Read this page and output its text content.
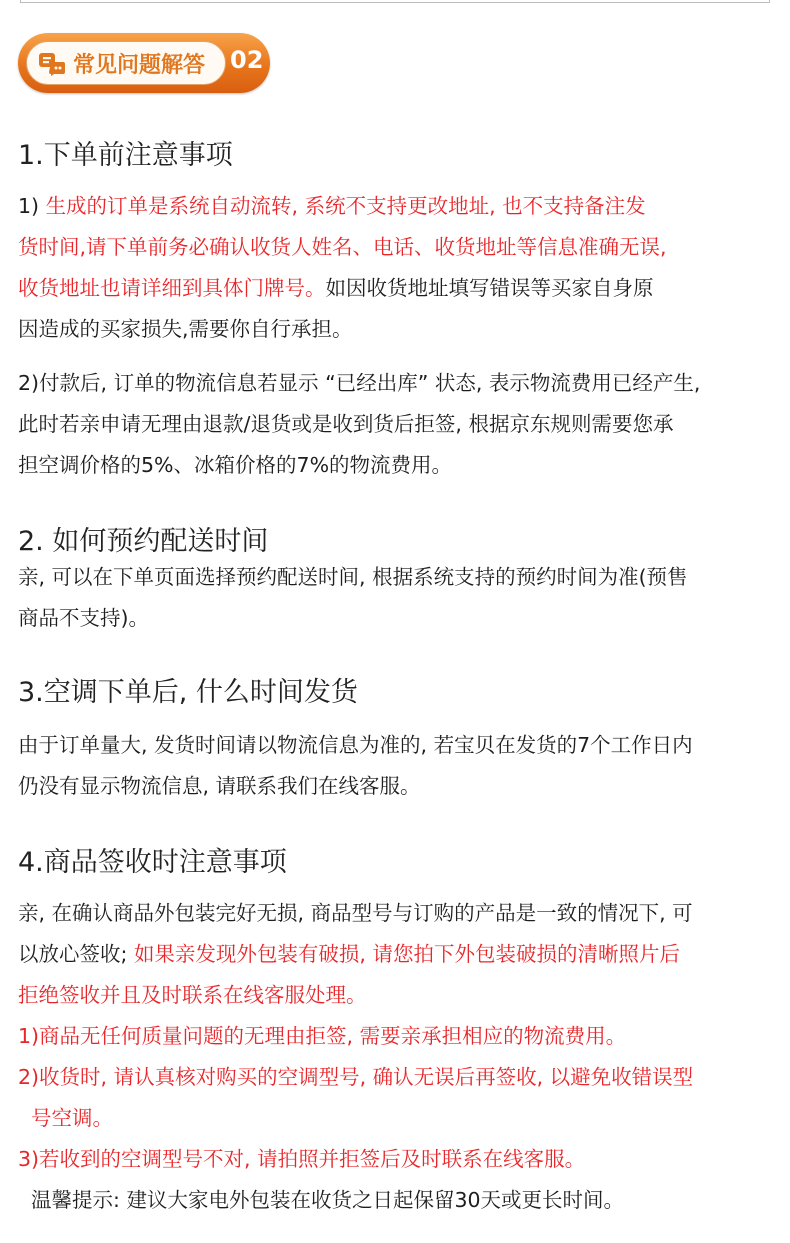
常见问题解答 02
1.下单前注意事项
1) 生成的订单是系统自动流转, 系统不支持更改地址, 也不支持备注发
货时间,请下单前务必确认收货人姓名、电话、收货地址等信息准确无误,
收货地址也请详细到具体门牌号。如因收货地址填写错误等买家自身原
因造成的买家损失,需要你自行承担。
2)付款后, 订单的物流信息若显示 “已经出库” 状态, 表示物流费用已经产生,
此时若亲申请无理由退款/退货或是收到货后拒签, 根据京东规则需要您承
担空调价格的5%、冰箱价格的7%的物流费用。
2. 如何预约配送时间
亲, 可以在下单页面选择预约配送时间, 根据系统支持的预约时间为准(预售
商品不支持)。
3.空调下单后, 什么时间发货
由于订单量大, 发货时间请以物流信息为准的, 若宝贝在发货的7个工作日内
仍没有显示物流信息, 请联系我们在线客服。
4.商品签收时注意事项
亲, 在确认商品外包装完好无损, 商品型号与订购的产品是一致的情况下, 可
以放心签收; 如果亲发现外包装有破损, 请您拍下外包装破损的清晰照片后
拒绝签收并且及时联系在线客服处理。
1)商品无任何质量问题的无理由拒签, 需要亲承担相应的物流费用。
2)收货时, 请认真核对购买的空调型号, 确认无误后再签收, 以避免收错误型
号空调。
3)若收到的空调型号不对, 请拍照并拒签后及时联系在线客服。
温馨提示: 建议大家电外包装在收货之日起保留30天或更长时间。
